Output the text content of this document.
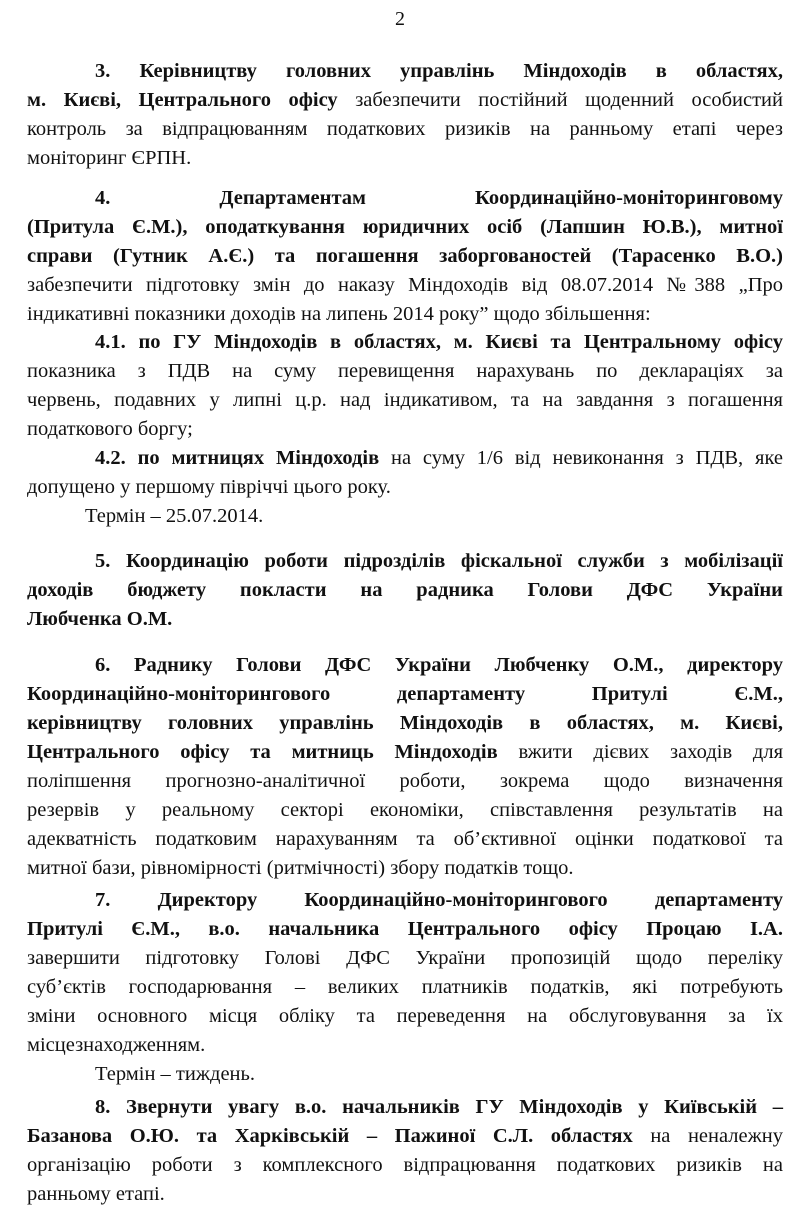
2
3. Керівництву головних управлінь Міндоходів в областях,
м. Києві, Центрального офісу забезпечити постійний щоденний особистий
контроль за відпрацюванням податкових ризиків на ранньому етапі через
моніторинг ЄРПН.
4. Департаментам Координаційно-моніторинговому
(Притула Є.М.), оподаткування юридичних осіб (Лапшин Ю.В.), митної
справи (Гутник А.Є.) та погашення заборгованостей (Тарасенко В.О.)
забезпечити підготовку змін до наказу Міндоходів від 08.07.2014 №388 „Про
індикативні показники доходів на липень 2014 року” щодо збільшення:
4.1. по ГУ Міндоходів в областях, м. Києві та Центральному офісу
показника з ПДВ на суму перевищення нарахувань по деклараціях за
червень, подавних у липні ц.р. над індикативом, та на завдання з погашення
податкового боргу;
4.2. по митницях Міндоходів на суму 1/6 від невиконання з ПДВ, яке
допущено у першому півріччі цього року.
Термін – 25.07.2014.
5. Координацію роботи підрозділів фіскальної служби з мобілізації
доходів бюджету покласти на радника Голови ДФС України
Любченка О.М.
6. Раднику Голови ДФС України Любченку О.М., директору
Координаційно-моніторингового департаменту Притулі Є.М.,
керівництву головних управлінь Міндоходів в областях, м. Києві,
Центрального офісу та митниць Міндоходів вжити дієвих заходів для
поліпшення прогнозно-аналітичної роботи, зокрема щодо визначення
резервів у реальному секторі економіки, співставлення результатів на
адекватність податковим нарахуванням та об’єктивної оцінки податкової та
митної бази, рівномірності (ритмічності) збору податків тощо.
7. Директору Координаційно-моніторингового департаменту
Притулі Є.М., в.о. начальника Центрального офісу Процаю І.А.
завершити підготовку Голові ДФС України пропозицій щодо переліку
суб’єктів господарювання – великих платників податків, які потребують
зміни основного місця обліку та переведення на обслуговування за їх
місцезнаходженням.
Термін – тиждень.
8. Звернути увагу в.о. начальників ГУ Міндоходів у Київській –
Базанова О.Ю. та Харківській – Пажиної С.Л. областях на неналежну
організацію роботи з комплексного відпрацювання податкових ризиків на
ранньому етапі.
